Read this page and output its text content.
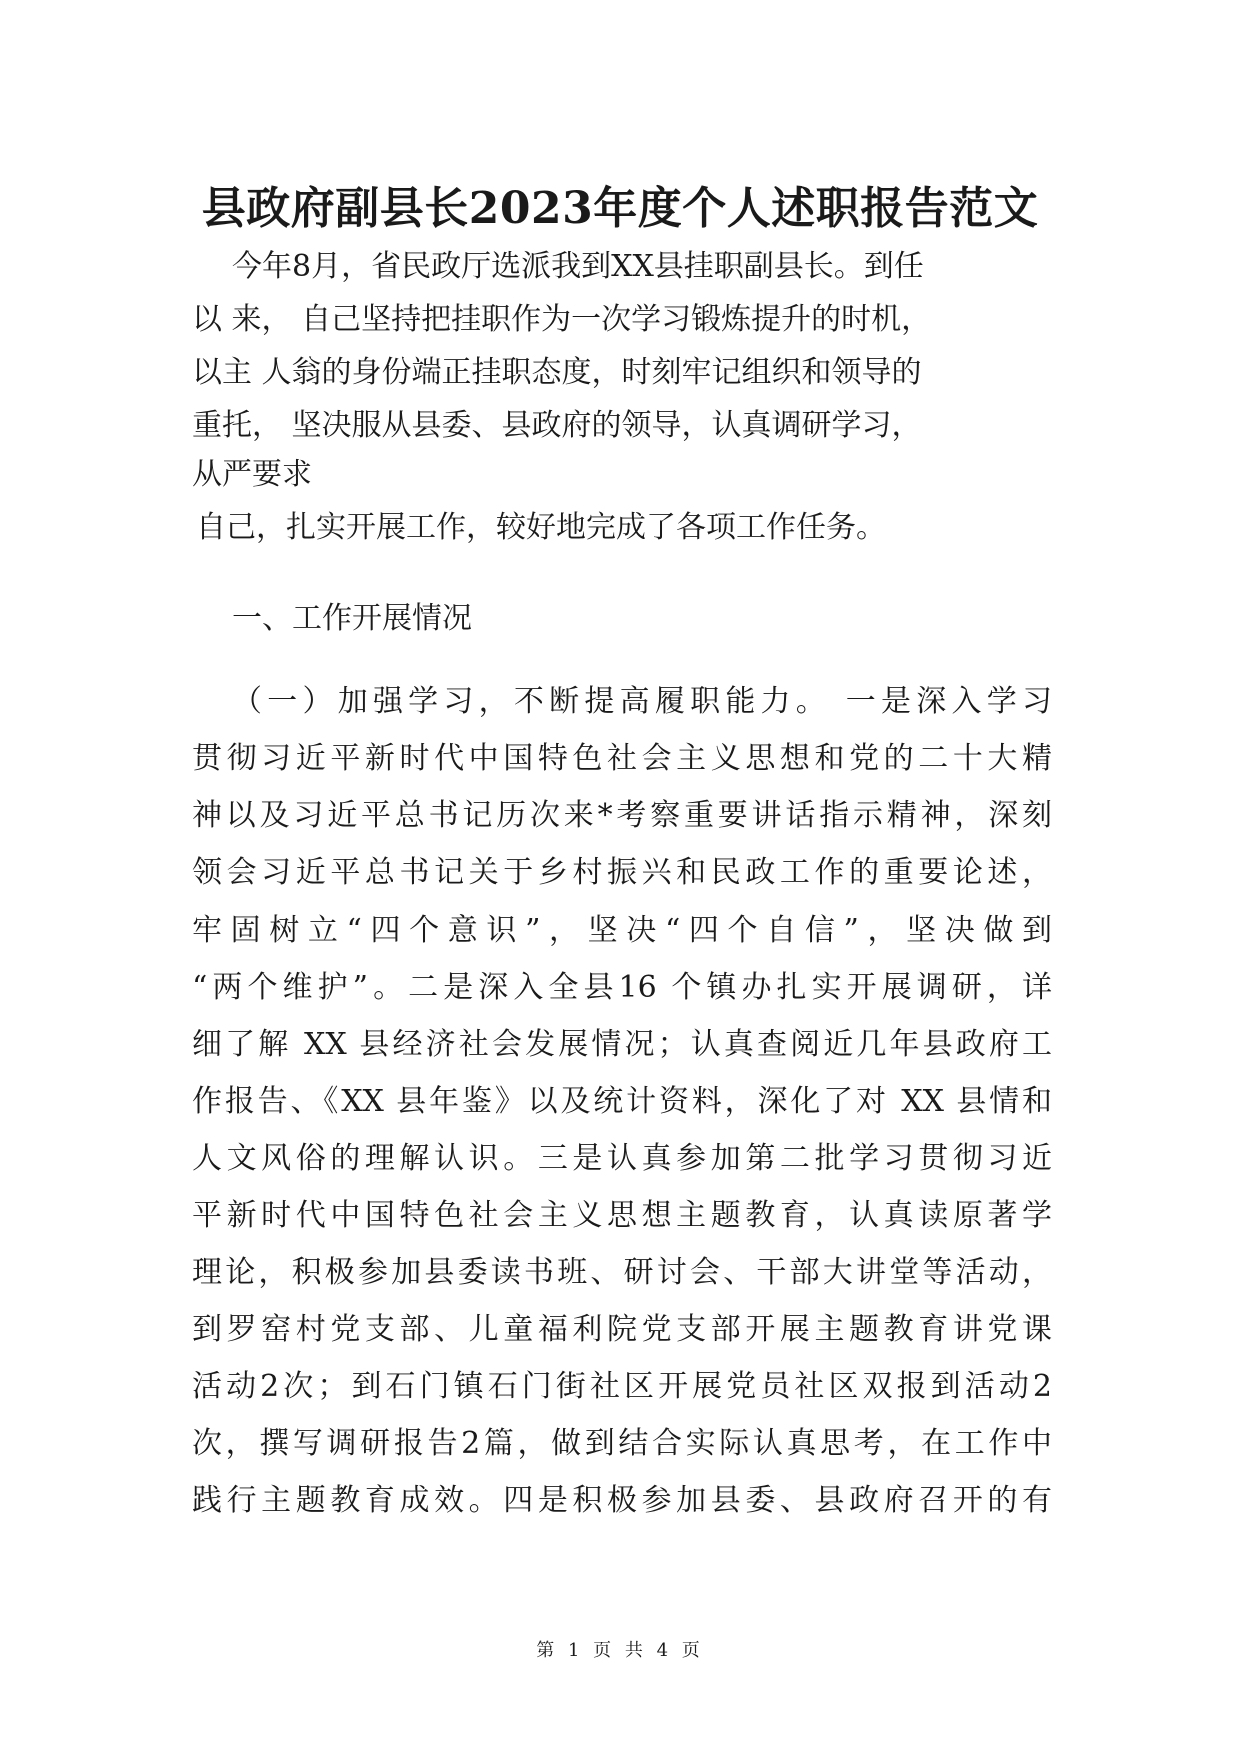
县政府副县长2023年度个人述职报告范文
今年8月，省民政厅选派我到XX县挂职副县长。到任
以 来， 自己坚持把挂职作为一次学习锻炼提升的时机，
以主 人翁的身份端正挂职态度，时刻牢记组织和领导的
重托， 坚决服从县委、县政府的领导，认真调研学习，
从严要求
自己，扎实开展工作，较好地完成了各项工作任务。
一、工作开展情况
（一）加强学习，不断提高履职能力。 一是深入学习
贯彻习近平新时代中国特色社会主义思想和党的二十大精
神以及习近平总书记历次来*考察重要讲话指示精神，深刻
领会习近平总书记关于乡村振兴和民政工作的重要论述，
牢固树立“四个意识”，坚决“四个自信”，坚决做到
“两个维护”。二是深入全县16 个镇办扎实开展调研，详
细了解 XX 县经济社会发展情况；认真查阅近几年县政府工
作报告、《XX 县年鉴》以及统计资料，深化了对 XX 县情和
人文风俗的理解认识。三是认真参加第二批学习贯彻习近
平新时代中国特色社会主义思想主题教育，认真读原著学
理论，积极参加县委读书班、研讨会、干部大讲堂等活动，
到罗窑村党支部、儿童福利院党支部开展主题教育讲党课
活动2次；到石门镇石门街社区开展党员社区双报到活动2
次，撰写调研报告2篇，做到结合实际认真思考，在工作中
践行主题教育成效。四是积极参加县委、县政府召开的有
第 1 页 共 4 页
